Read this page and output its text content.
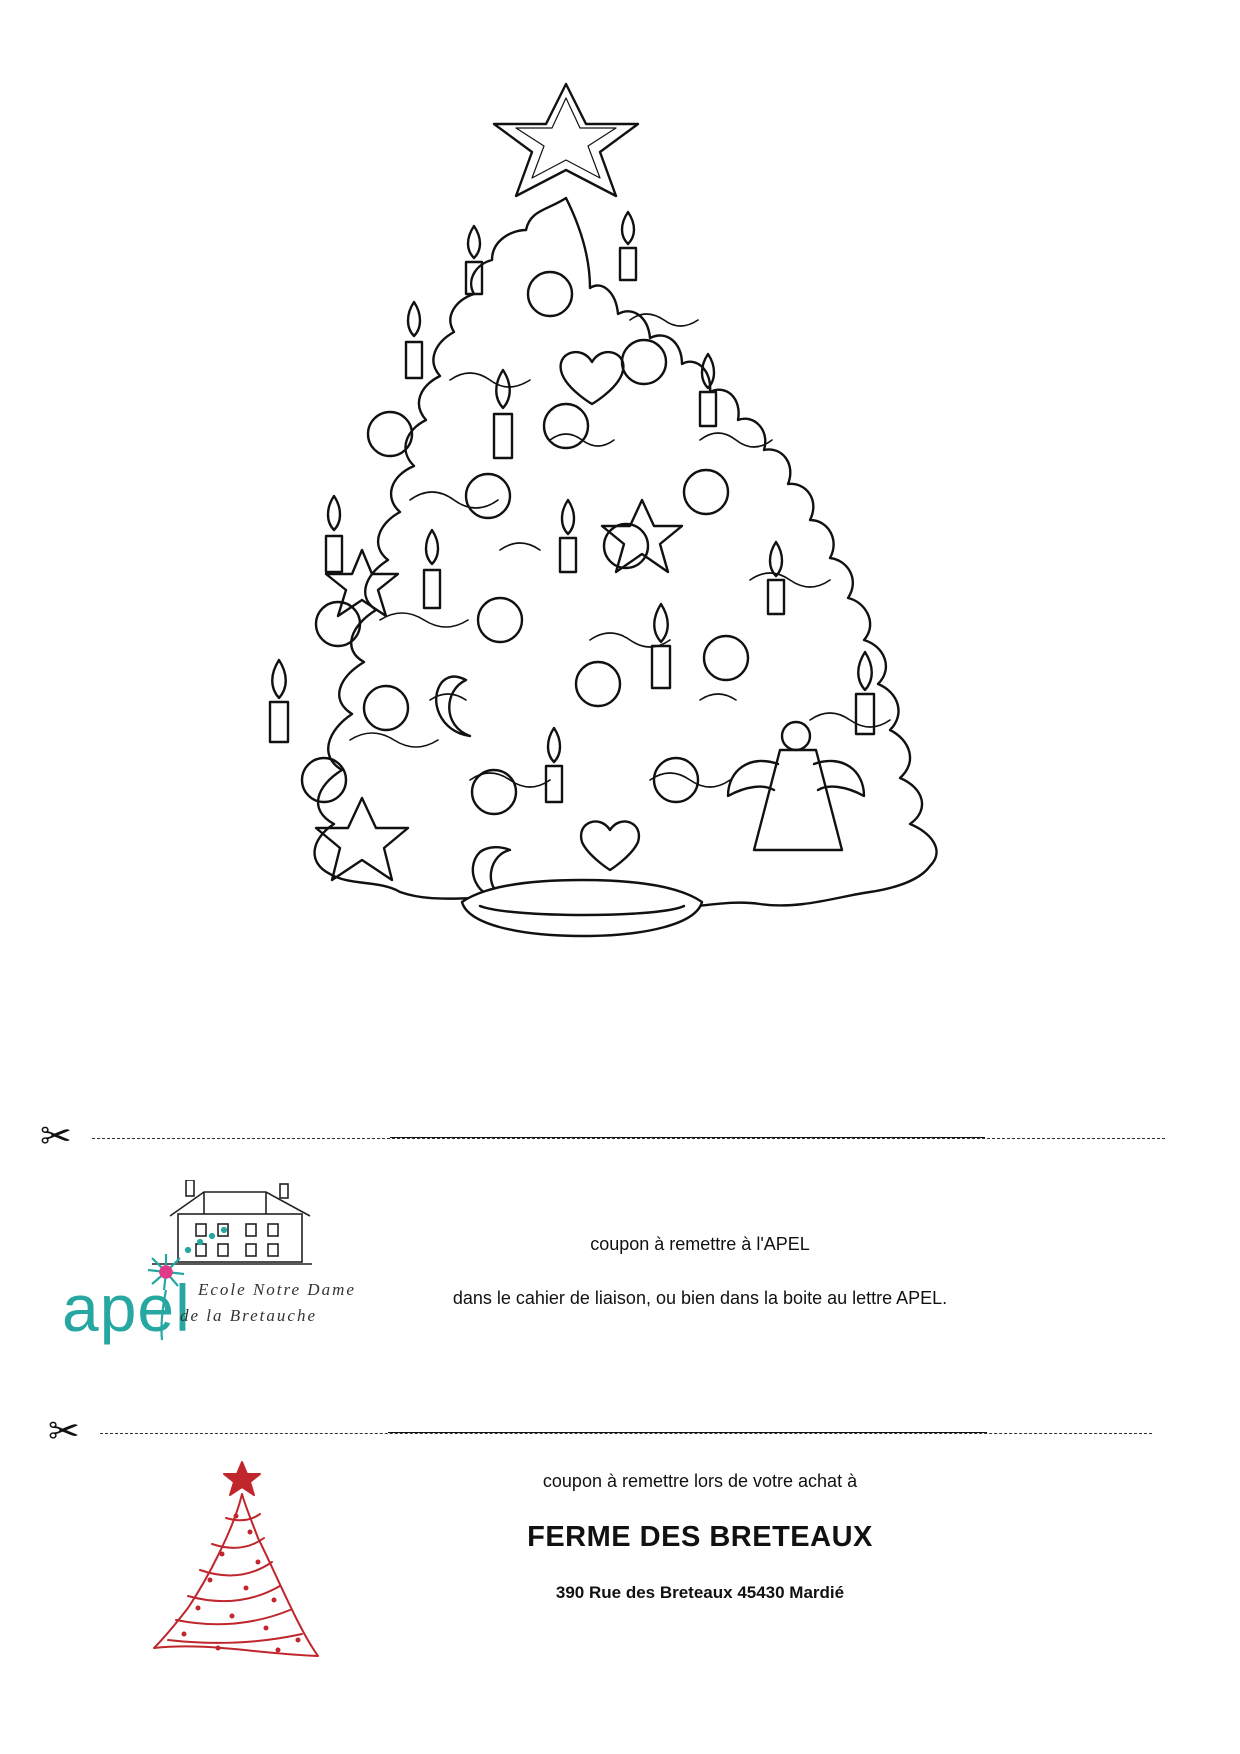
✂
apel Ecole Notre Dame
de la Bretauche
coupon à remettre à l'APEL
dans le cahier de liaison, ou bien dans la boite au lettre APEL.
✂
coupon à remettre lors de votre achat à
FERME DES BRETEAUX
390 Rue des Breteaux 45430 Mardié
